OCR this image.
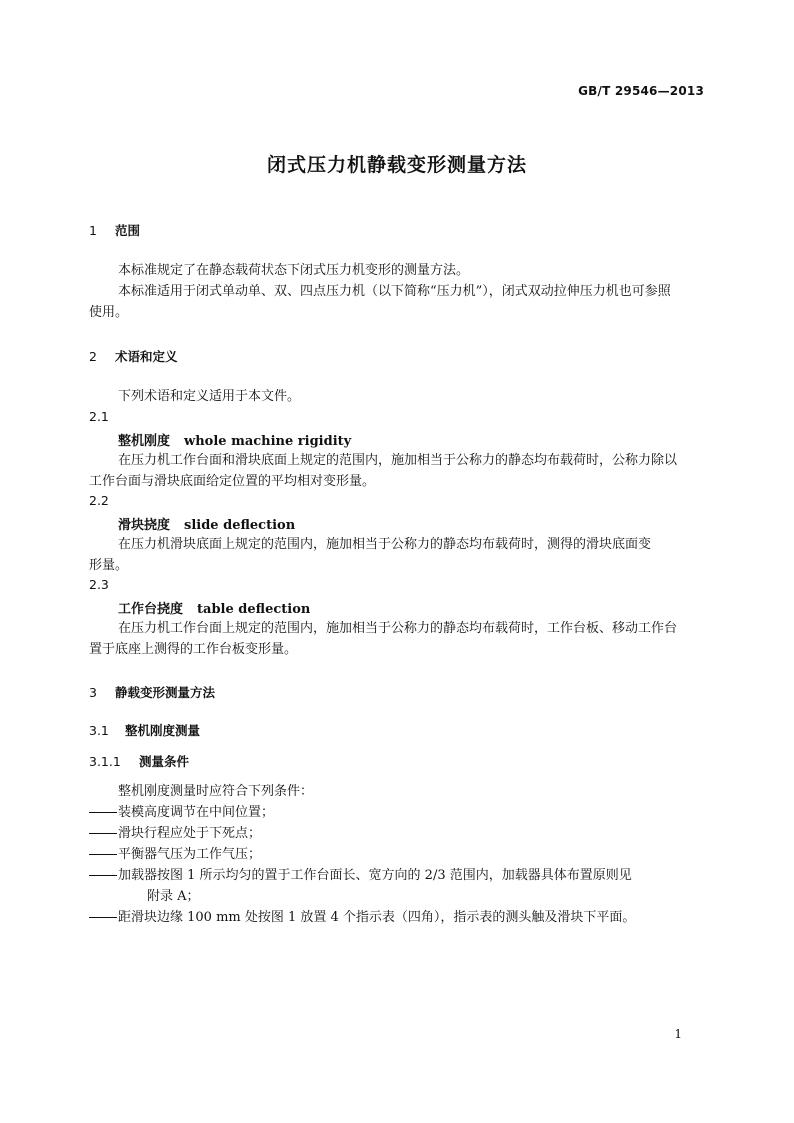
GB/T 29546—2013
闭式压力机静载变形测量方法
1 范围
本标准规定了在静态载荷状态下闭式压力机变形的测量方法。
本标准适用于闭式单动单、双、四点压力机（以下简称“压力机”），闭式双动拉伸压力机也可参照
使用。
2 术语和定义
下列术语和定义适用于本文件。
2.1
整机刚度 whole machine rigidity
在压力机工作台面和滑块底面上规定的范围内，施加相当于公称力的静态均布载荷时，公称力除以
工作台面与滑块底面给定位置的平均相对变形量。
2.2
滑块挠度 slide deflection
在压力机滑块底面上规定的范围内，施加相当于公称力的静态均布载荷时，测得的滑块底面变
形量。
2.3
工作台挠度 table deflection
在压力机工作台面上规定的范围内，施加相当于公称力的静态均布载荷时，工作台板、移动工作台
置于底座上测得的工作台板变形量。
3 静载变形测量方法
3.1 整机刚度测量
3.1.1 测量条件
整机刚度测量时应符合下列条件：
装模高度调节在中间位置；
滑块行程应处于下死点；
平衡器气压为工作气压；
加载器按图 1 所示均匀的置于工作台面长、宽方向的 2/3 范围内，加载器具体布置原则见
附录 A；
距滑块边缘 100 mm 处按图 1 放置 4 个指示表（四角），指示表的测头触及滑块下平面。
1
